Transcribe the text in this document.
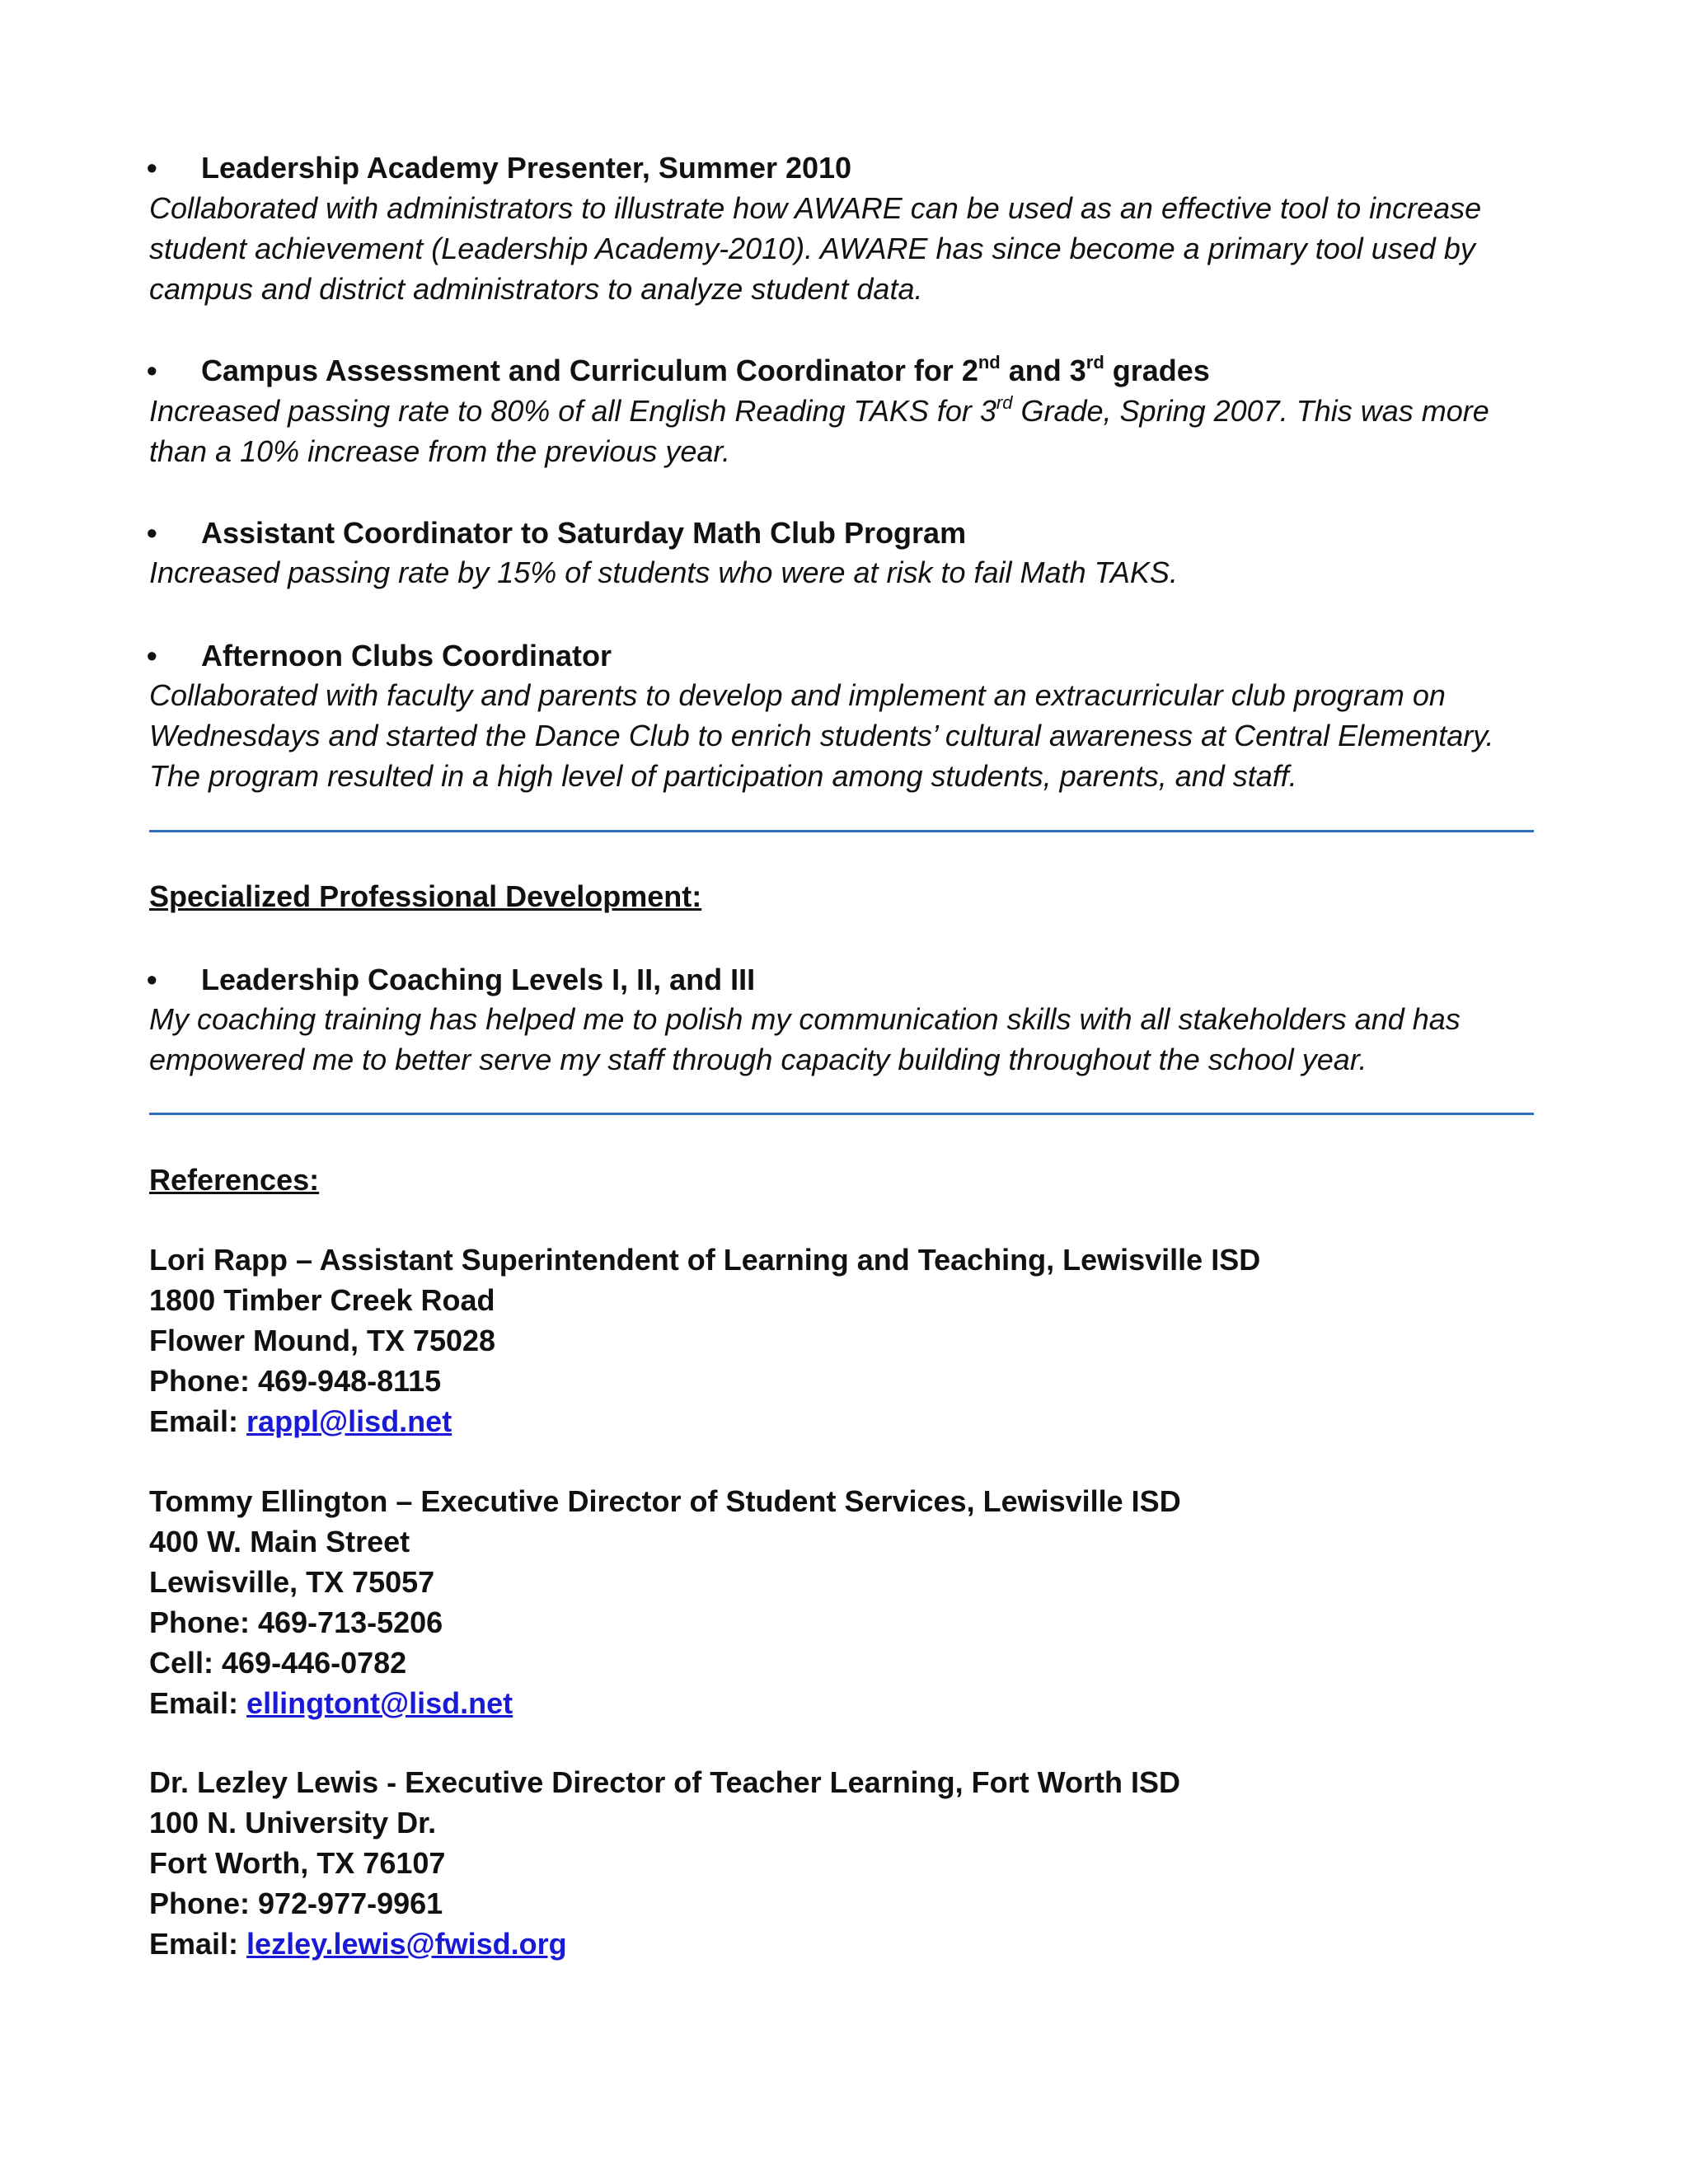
• Leadership Academy Presenter, Summer 2010

Collaborated with administrators to illustrate how AWARE can be used as an effective tool to increase
student achievement (Leadership Academy-2010). AWARE has since become a primary tool used by
campus and district administrators to analyze student data.

• Campus Assessment and Curriculum Coordinator for 2nd and 3rd grades

Increased passing rate to 80% of all English Reading TAKS for 3rd Grade, Spring 2007. This was more
than a 10% increase from the previous year.

• Assistant Coordinator to Saturday Math Club Program

Increased passing rate by 15% of students who were at risk to fail Math TAKS.

• Afternoon Clubs Coordinator

Collaborated with faculty and parents to develop and implement an extracurricular club program on
Wednesdays and started the Dance Club to enrich students’ cultural awareness at Central Elementary.
The program resulted in a high level of participation among students, parents, and staff.

Specialized Professional Development:
• Leadership Coaching Levels I, II, and III

My coaching training has helped me to polish my communication skills with all stakeholders and has
empowered me to better serve my staff through capacity building throughout the school year.

References:
Lori Rapp – Assistant Superintendent of Learning and Teaching, Lewisville ISD
1800 Timber Creek Road
Flower Mound, TX 75028
Phone: 469-948-8115
Email: rappl@lisd.net
Tommy Ellington – Executive Director of Student Services, Lewisville ISD
400 W. Main Street
Lewisville, TX 75057
Phone: 469-713-5206
Cell: 469-446-0782
Email: ellingtont@lisd.net
Dr. Lezley Lewis - Executive Director of Teacher Learning, Fort Worth ISD
100 N. University Dr.
Fort Worth, TX 76107
Phone: 972-977-9961
Email: lezley.lewis@fwisd.org
